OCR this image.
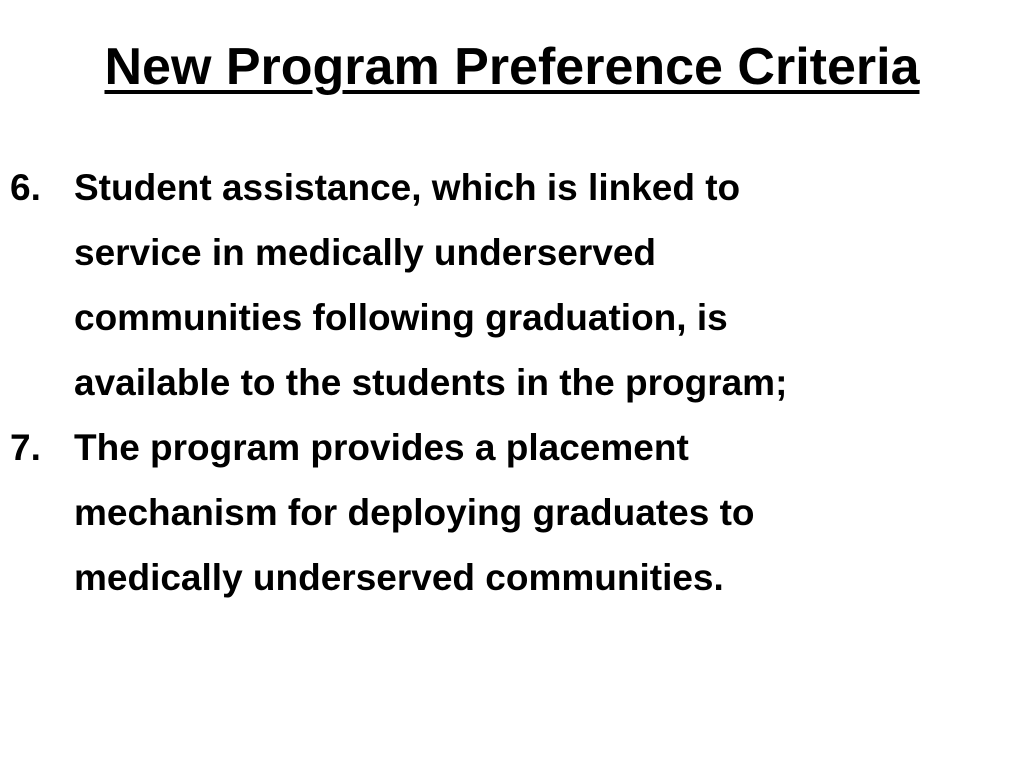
New Program Preference Criteria
6. Student assistance, which is linked to
service in medically underserved
communities following graduation, is
available to the students in the program;
7. The program provides a placement
mechanism for deploying graduates to
medically underserved communities.
